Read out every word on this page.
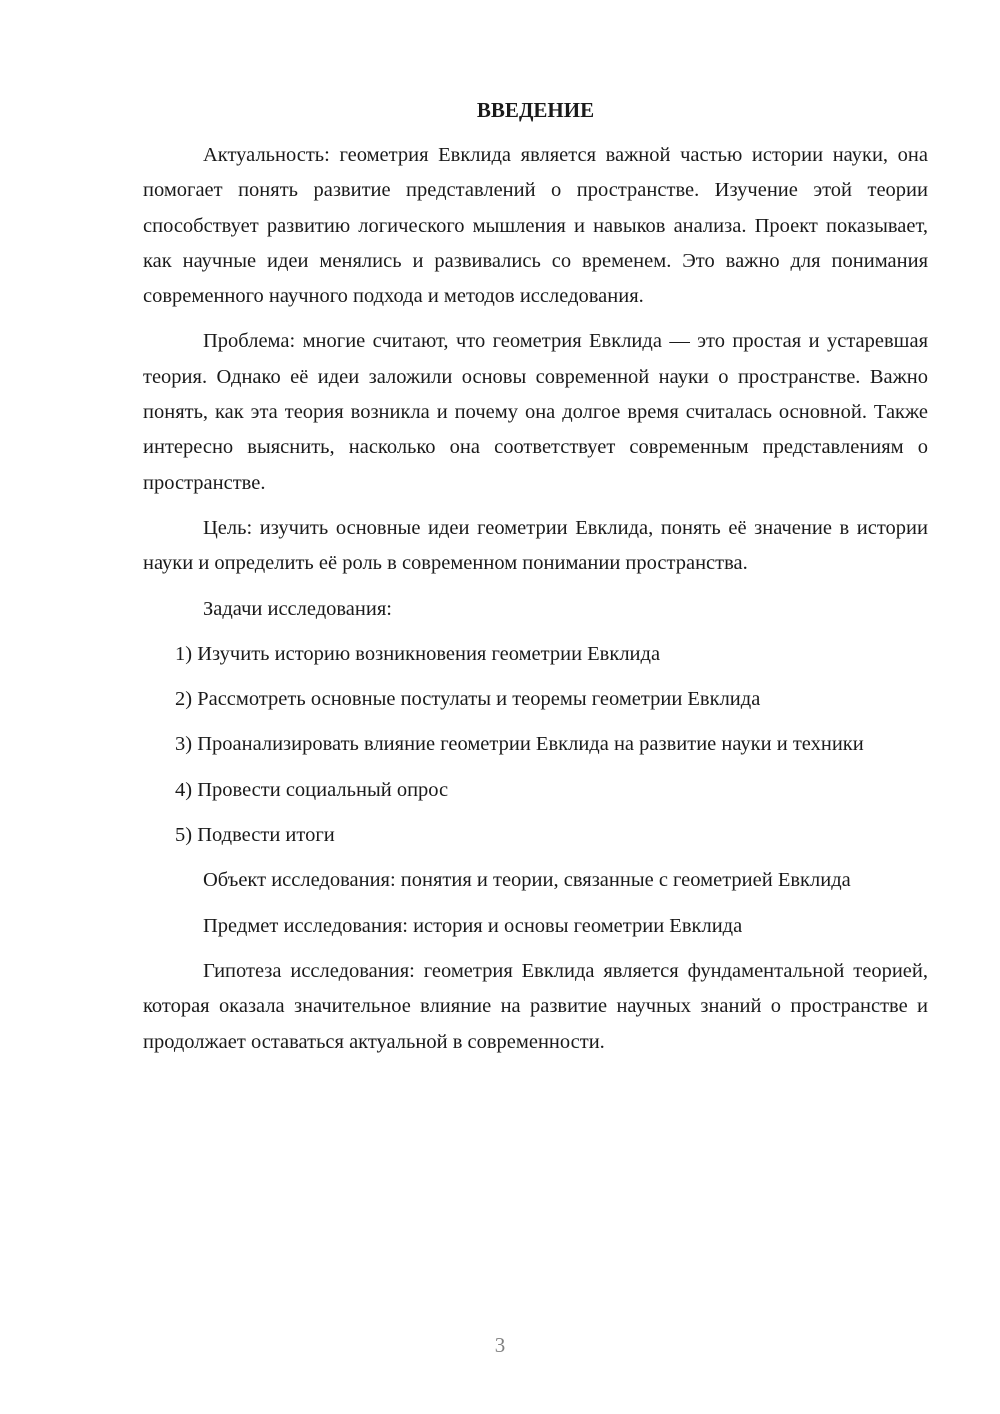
ВВЕДЕНИЕ

Актуальность: геометрия Евклида является важной частью истории науки, она помогает понять развитие представлений о пространстве. Изучение этой теории способствует развитию логического мышления и навыков анализа. Проект показывает, как научные идеи менялись и развивались со временем. Это важно для понимания современного научного подхода и методов исследования.

Проблема: многие считают, что геометрия Евклида — это простая и устаревшая теория. Однако её идеи заложили основы современной науки о пространстве. Важно понять, как эта теория возникла и почему она долгое время считалась основной. Также интересно выяснить, насколько она соответствует современным представлениям о пространстве.

Цель: изучить основные идеи геометрии Евклида, понять её значение в истории науки и определить её роль в современном понимании пространства.

Задачи исследования:

1) Изучить историю возникновения геометрии Евклида

2) Рассмотреть основные постулаты и теоремы геометрии Евклида

3) Проанализировать влияние геометрии Евклида на развитие науки и техники

4) Провести социальный опрос

5) Подвести итоги

Объект исследования: понятия и теории, связанные с геометрией Евклида

Предмет исследования: история и основы геометрии Евклида

Гипотеза исследования: геометрия Евклида является фундаментальной теорией, которая оказала значительное влияние на развитие научных знаний о пространстве и продолжает оставаться актуальной в современности.

3
